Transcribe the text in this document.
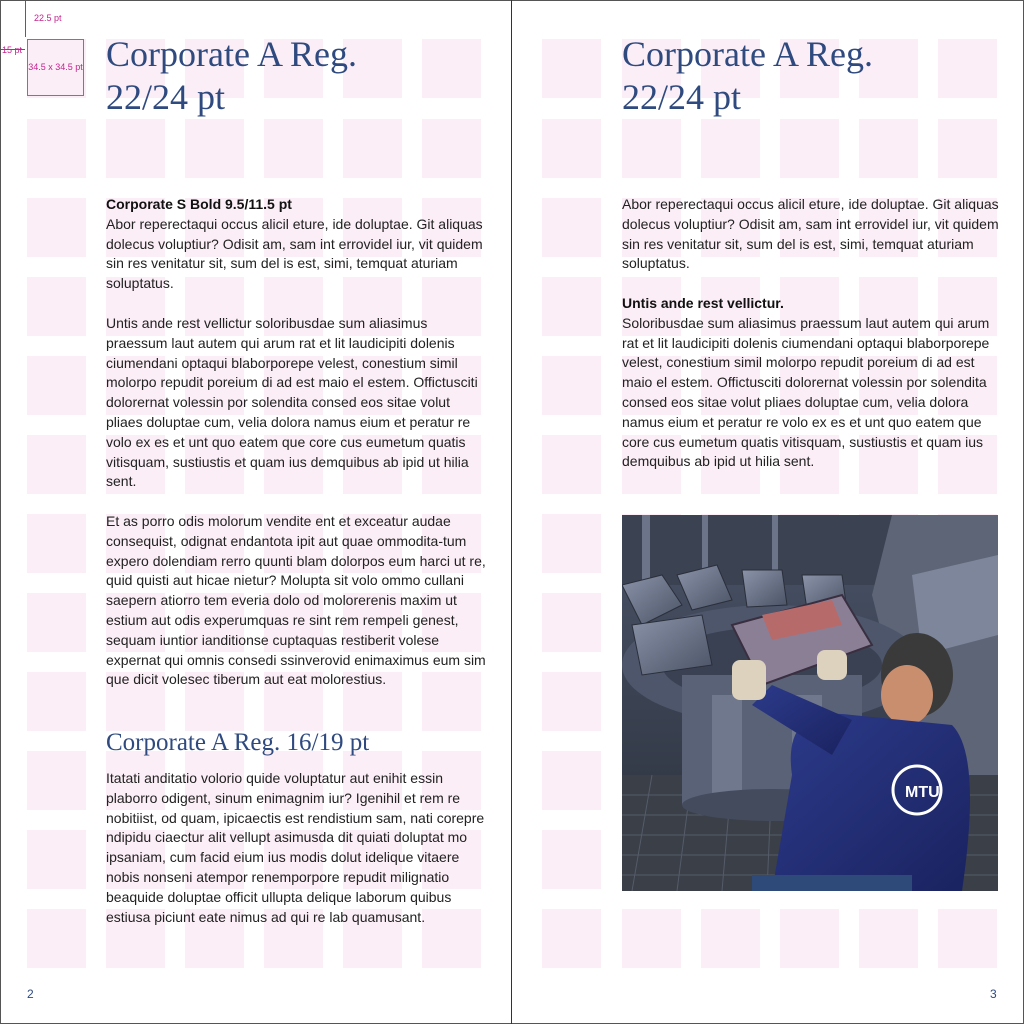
22.5 pt
15 pt
34.5 x 34.5 pt Corporate A Reg.
22/24 pt
Corporate S Bold 9.5/11.5 pt
Abor reperectaqui occus alicil eture, ide doluptae. Git aliquas dolecus voluptiur? Odisit am, sam int errovidel iur, vit quidem sin res venitatur sit, sum del is est, simi, temquat aturiam soluptatus.

Untis ande rest vellictur soloribusdae sum aliasimus praessum laut autem qui arum rat et lit laudicipiti dolenis ciumendani optaqui blaborporepe velest, conestium simil molorpo repudit poreium di ad est maio el estem. Offictusciti dolorernat volessin por solendita consed eos sitae volut pliaes doluptae cum, velia dolora namus eium et peratur re volo ex es et unt quo eatem que core cus eumetum quatis vitisquam, sustiustis et quam ius demquibus ab ipid ut hilia sent.

Et as porro odis molorum vendite ent et exceatur audae consequist, odignat endantota ipit aut quae ommodita-tum expero dolendiam rerro quunti blam dolorpos eum harci ut re, quid quisti aut hicae nietur? Molupta sit volo ommo cullani saepern atiorro tem everia dolo od molorerenis maxim ut estium aut odis experumquas re sint rem rempeli genest, sequam iuntior ianditionse cuptaquas restiberit volese expernat qui omnis consedi ssinverovid enimaximus eum sim que dicit volesec tiberum aut eat molorestius.

Corporate A Reg. 16/19 pt

Itatati anditatio volorio quide voluptatur aut enihit essin plaborro odigent, sinum enimagnim iur? Igenihil et rem re nobitiist, od quam, ipicaectis est rendistium sam, nati corepre ndipidu ciaectur alit vellupt asimusda dit quiati doluptat mo ipsaniam, cum facid eium ius modis dolut idelique vitaere nobis nonseni atempor renemporpore repudit milignatio beaquide doluptae officit ullupta delique laborum quibus estiusa piciunt eate nimus ad qui re lab quamusant.

2
Corporate A Reg.
22/24 pt

Abor reperectaqui occus alicil eture, ide doluptae. Git aliquas dolecus voluptiur? Odisit am, sam int errovidel iur, vit quidem sin res venitatur sit, sum del is est, simi, temquat aturiam soluptatus.

Untis ande rest vellictur.
Soloribusdae sum aliasimus praessum laut autem qui arum rat et lit laudicipiti dolenis ciumendani optaqui blaborporepe velest, conestium simil molorpo repudit poreium di ad est maio el estem. Offictusciti dolorernat volessin por solendita consed eos sitae volut pliaes doluptae cum, velia dolora namus eium et peratur re volo ex es et unt quo eatem que core cus eumetum quatis vitisquam, sustiustis et quam ius demquibus ab ipid ut hilia sent.
MTU
3
